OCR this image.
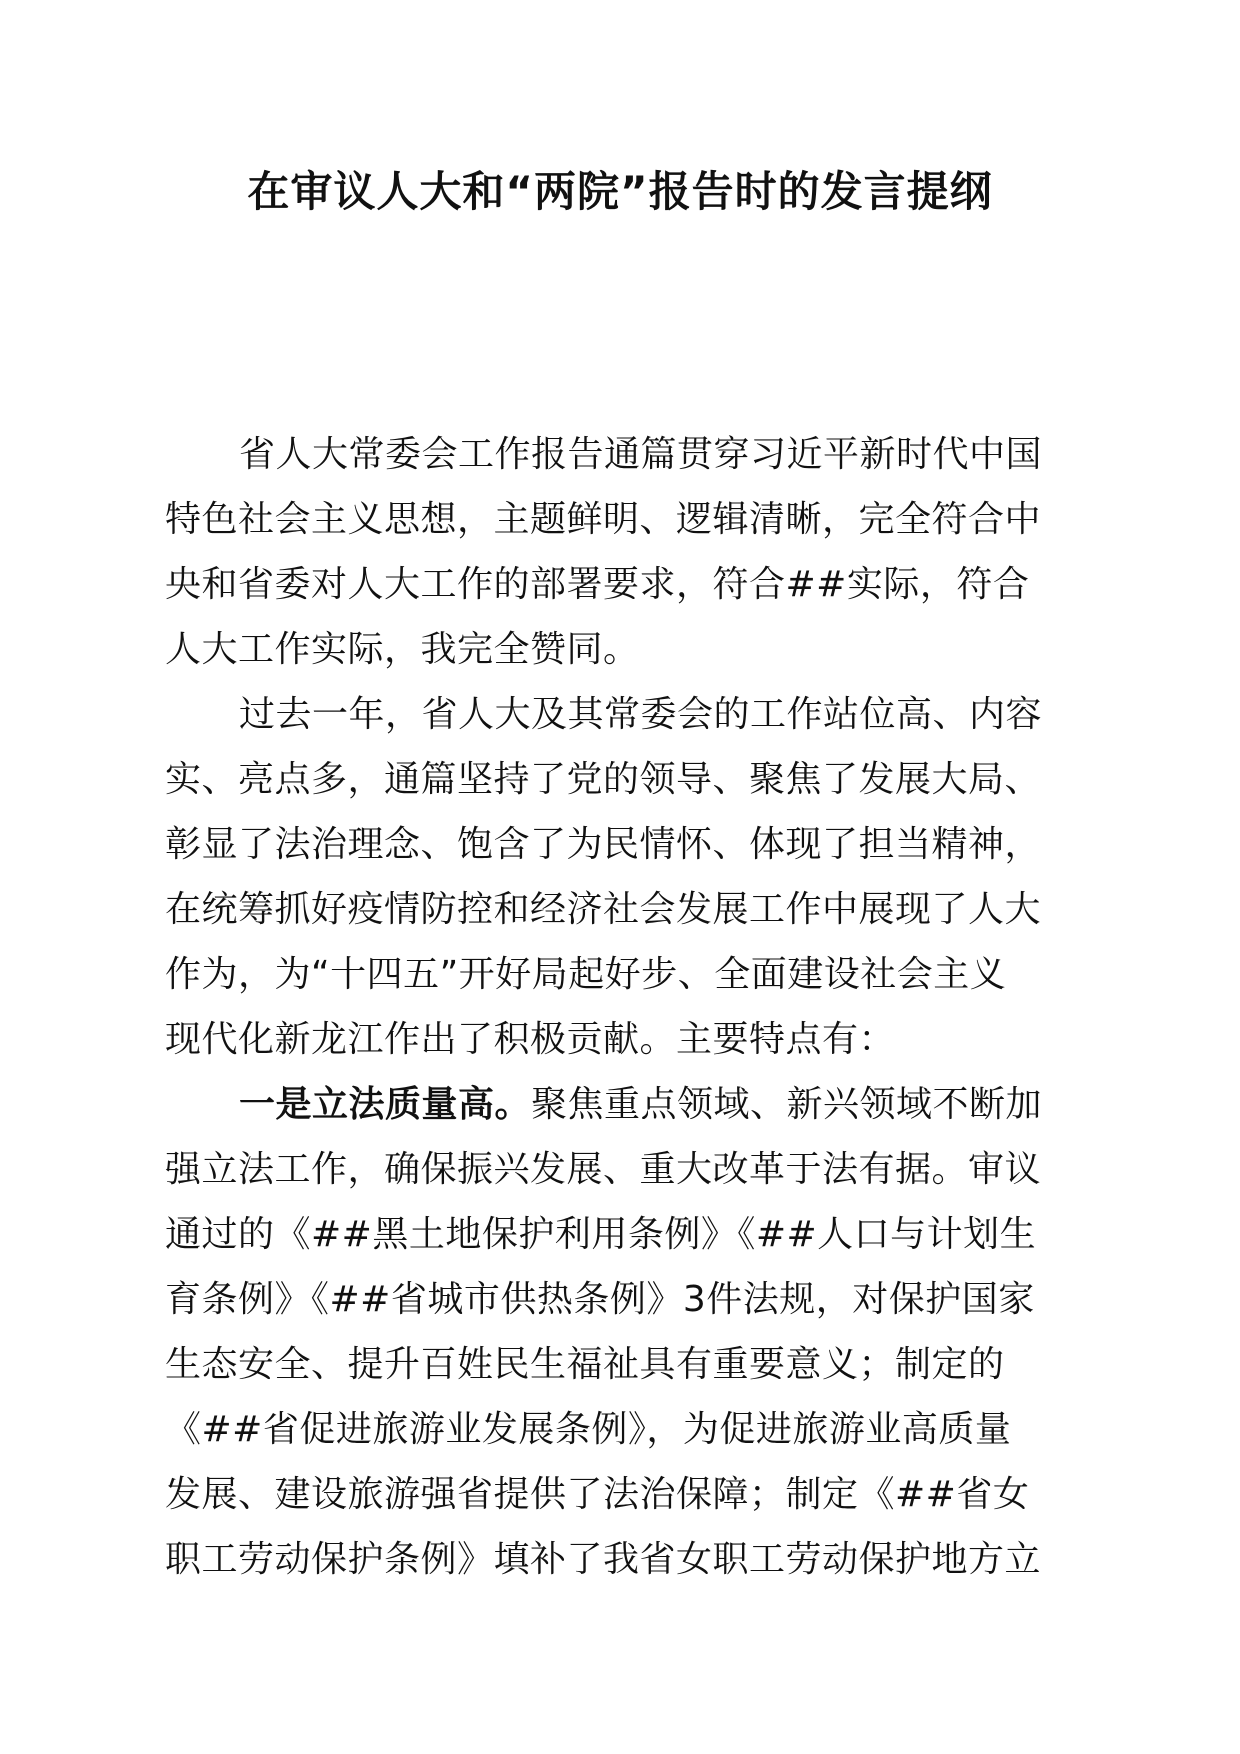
在审议人大和“两院”报告时的发言提纲
省人大常委会工作报告通篇贯穿习近平新时代中国
特色社会主义思想，主题鲜明、逻辑清晰，完全符合中
央和省委对人大工作的部署要求，符合##实际，符合
人大工作实际，我完全赞同。
过去一年，省人大及其常委会的工作站位高、内容
实、亮点多，通篇坚持了党的领导、聚焦了发展大局、
彰显了法治理念、饱含了为民情怀、体现了担当精神，
在统筹抓好疫情防控和经济社会发展工作中展现了人大
作为，为“十四五”开好局起好步、全面建设社会主义
现代化新龙江作出了积极贡献。主要特点有：
一是立法质量高。聚焦重点领域、新兴领域不断加
强立法工作，确保振兴发展、重大改革于法有据。审议
通过的《##黑土地保护利用条例》《##人口与计划生
育条例》《##省城市供热条例》3件法规，对保护国家
生态安全、提升百姓民生福祉具有重要意义；制定的
《##省促进旅游业发展条例》，为促进旅游业高质量
发展、建设旅游强省提供了法治保障；制定《##省女
职工劳动保护条例》填补了我省女职工劳动保护地方立
